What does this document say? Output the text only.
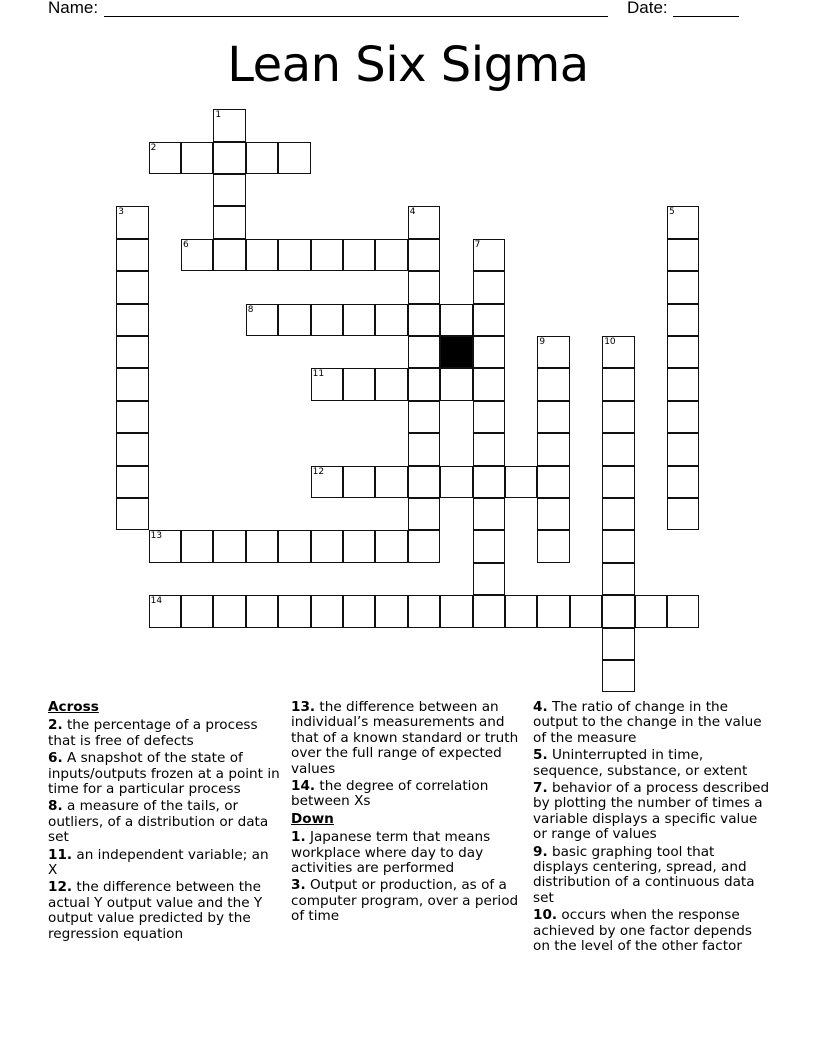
Name:	Date:
Lean Six Sigma
1
2
3	4	5
6	7
8
9	10
11
12
13
14
Across
2. the percentage of a process that is free of defects
6. A snapshot of the state of inputs/outputs frozen at a point in time for a particular process
8. a measure of the tails, or outliers, of a distribution or data set
11. an independent variable; an X
12. the difference between the actual Y output value and the Y output value predicted by the regression equation
13. the difference between an individual’s measurements and that of a known standard or truth over the full range of expected values
14. the degree of correlation between Xs
Down
1. Japanese term that means workplace where day to day activities are performed
3. Output or production, as of a computer program, over a period of time
4. The ratio of change in the output to the change in the value of the measure
5. Uninterrupted in time, sequence, substance, or extent
7. behavior of a process described by plotting the number of times a variable displays a specific value or range of values
9. basic graphing tool that displays centering, spread, and distribution of a continuous data set
10. occurs when the response achieved by one factor depends on the level of the other factor
